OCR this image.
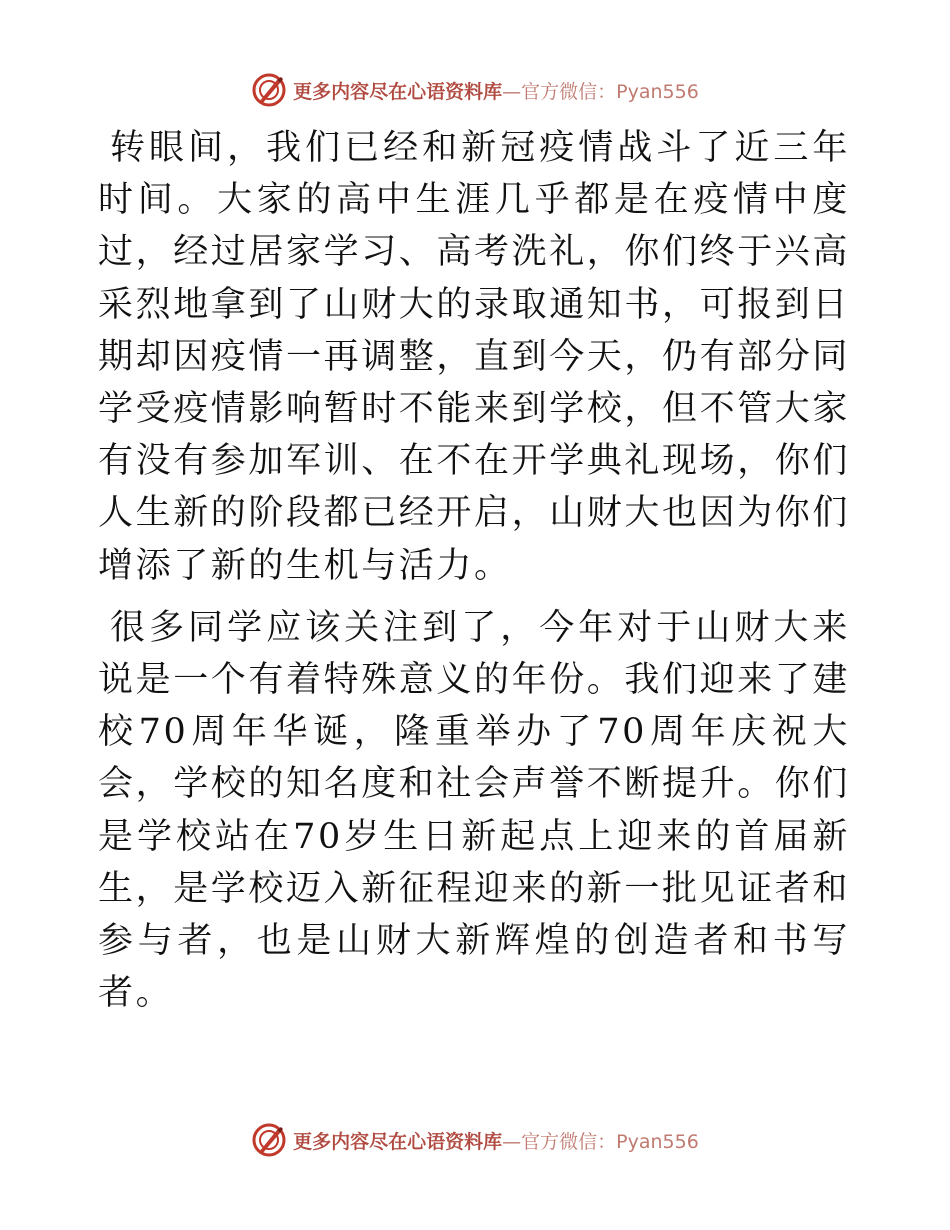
更多内容尽在心语资料库—官方微信：Pyan556

转眼间，我们已经和新冠疫情战斗了近三年时间。大家的高中生涯几乎都是在疫情中度过，经过居家学习、高考洗礼，你们终于兴高采烈地拿到了山财大的录取通知书，可报到日期却因疫情一再调整，直到今天，仍有部分同学受疫情影响暂时不能来到学校，但不管大家有没有参加军训、在不在开学典礼现场，你们人生新的阶段都已经开启，山财大也因为你们增添了新的生机与活力。

很多同学应该关注到了，今年对于山财大来说是一个有着特殊意义的年份。我们迎来了建校70周年华诞，隆重举办了70周年庆祝大会，学校的知名度和社会声誉不断提升。你们是学校站在70岁生日新起点上迎来的首届新生，是学校迈入新征程迎来的新一批见证者和参与者，也是山财大新辉煌的创造者和书写者。

更多内容尽在心语资料库—官方微信：Pyan556
